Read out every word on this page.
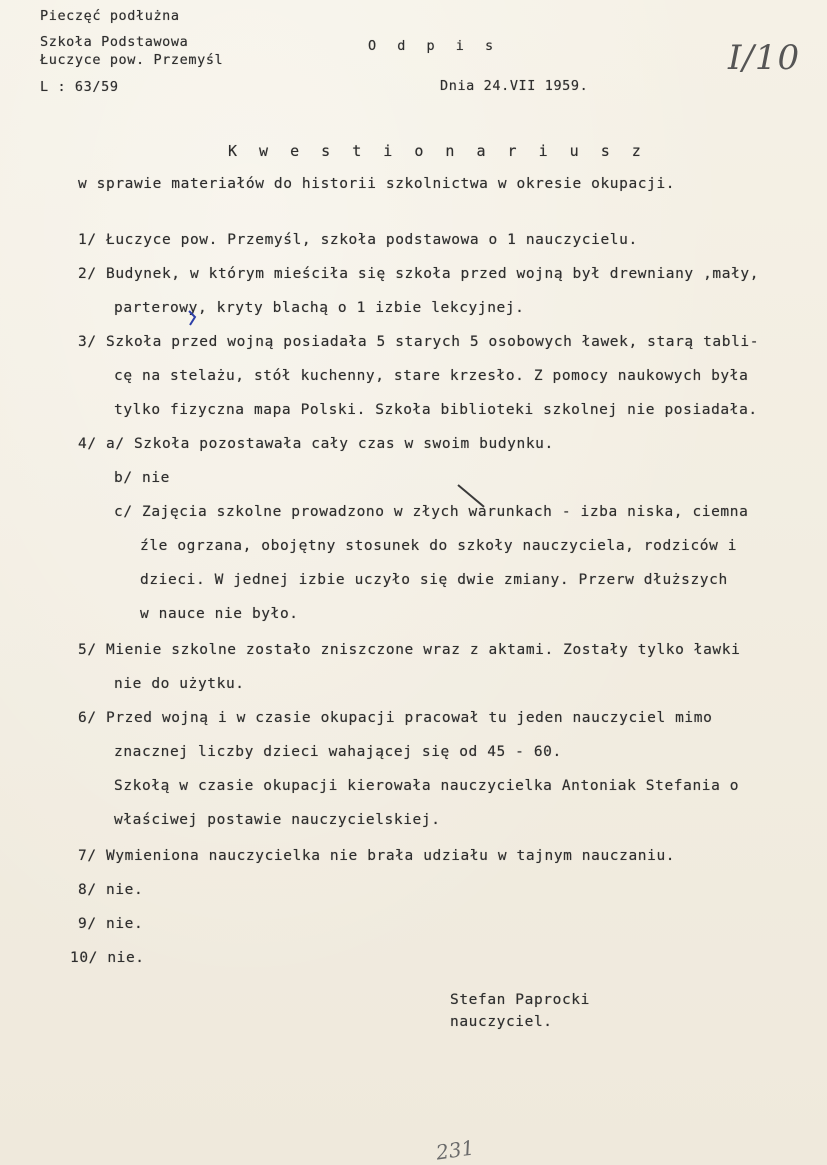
Pieczęć podłużna
Szkoła Podstawowa
Łuczyce pow. Przemyśl
L : 63/59
O d p i s
Dnia 24.VII 1959.
I/10
K w e s t i o n a r i u s z
w sprawie materiałów do historii szkolnictwa w okresie okupacji.
1/ Łuczyce pow. Przemyśl, szkoła podstawowa o 1 nauczycielu.
2/ Budynek, w którym mieściła się szkoła przed wojną był drewniany ,mały,
parterowy, kryty blachą o 1 izbie lekcyjnej.
3/ Szkoła przed wojną posiadała 5 starych 5 osobowych ławek, starą tabli-
cę na stelażu, stół kuchenny, stare krzesło. Z pomocy naukowych była
tylko fizyczna mapa Polski. Szkoła biblioteki szkolnej nie posiadała.
4/ a/ Szkoła pozostawała cały czas w swoim budynku.
b/ nie
c/ Zajęcia szkolne prowadzono w złych warunkach - izba niska, ciemna
źle ogrzana, obojętny stosunek do szkoły nauczyciela, rodziców i
dzieci. W jednej izbie uczyło się dwie zmiany. Przerw dłuższych
w nauce nie było.
5/ Mienie szkolne zostało zniszczone wraz z aktami. Zostały tylko ławki
nie do użytku.
6/ Przed wojną i w czasie okupacji pracował tu jeden nauczyciel mimo
znacznej liczby dzieci wahającej się od 45 - 60.
Szkołą w czasie okupacji kierowała nauczycielka Antoniak Stefania o
właściwej postawie nauczycielskiej.
7/ Wymieniona nauczycielka nie brała udziału w tajnym nauczaniu.
8/ nie.
9/ nie.
10/ nie.
Stefan Paprocki
nauczyciel.
231
